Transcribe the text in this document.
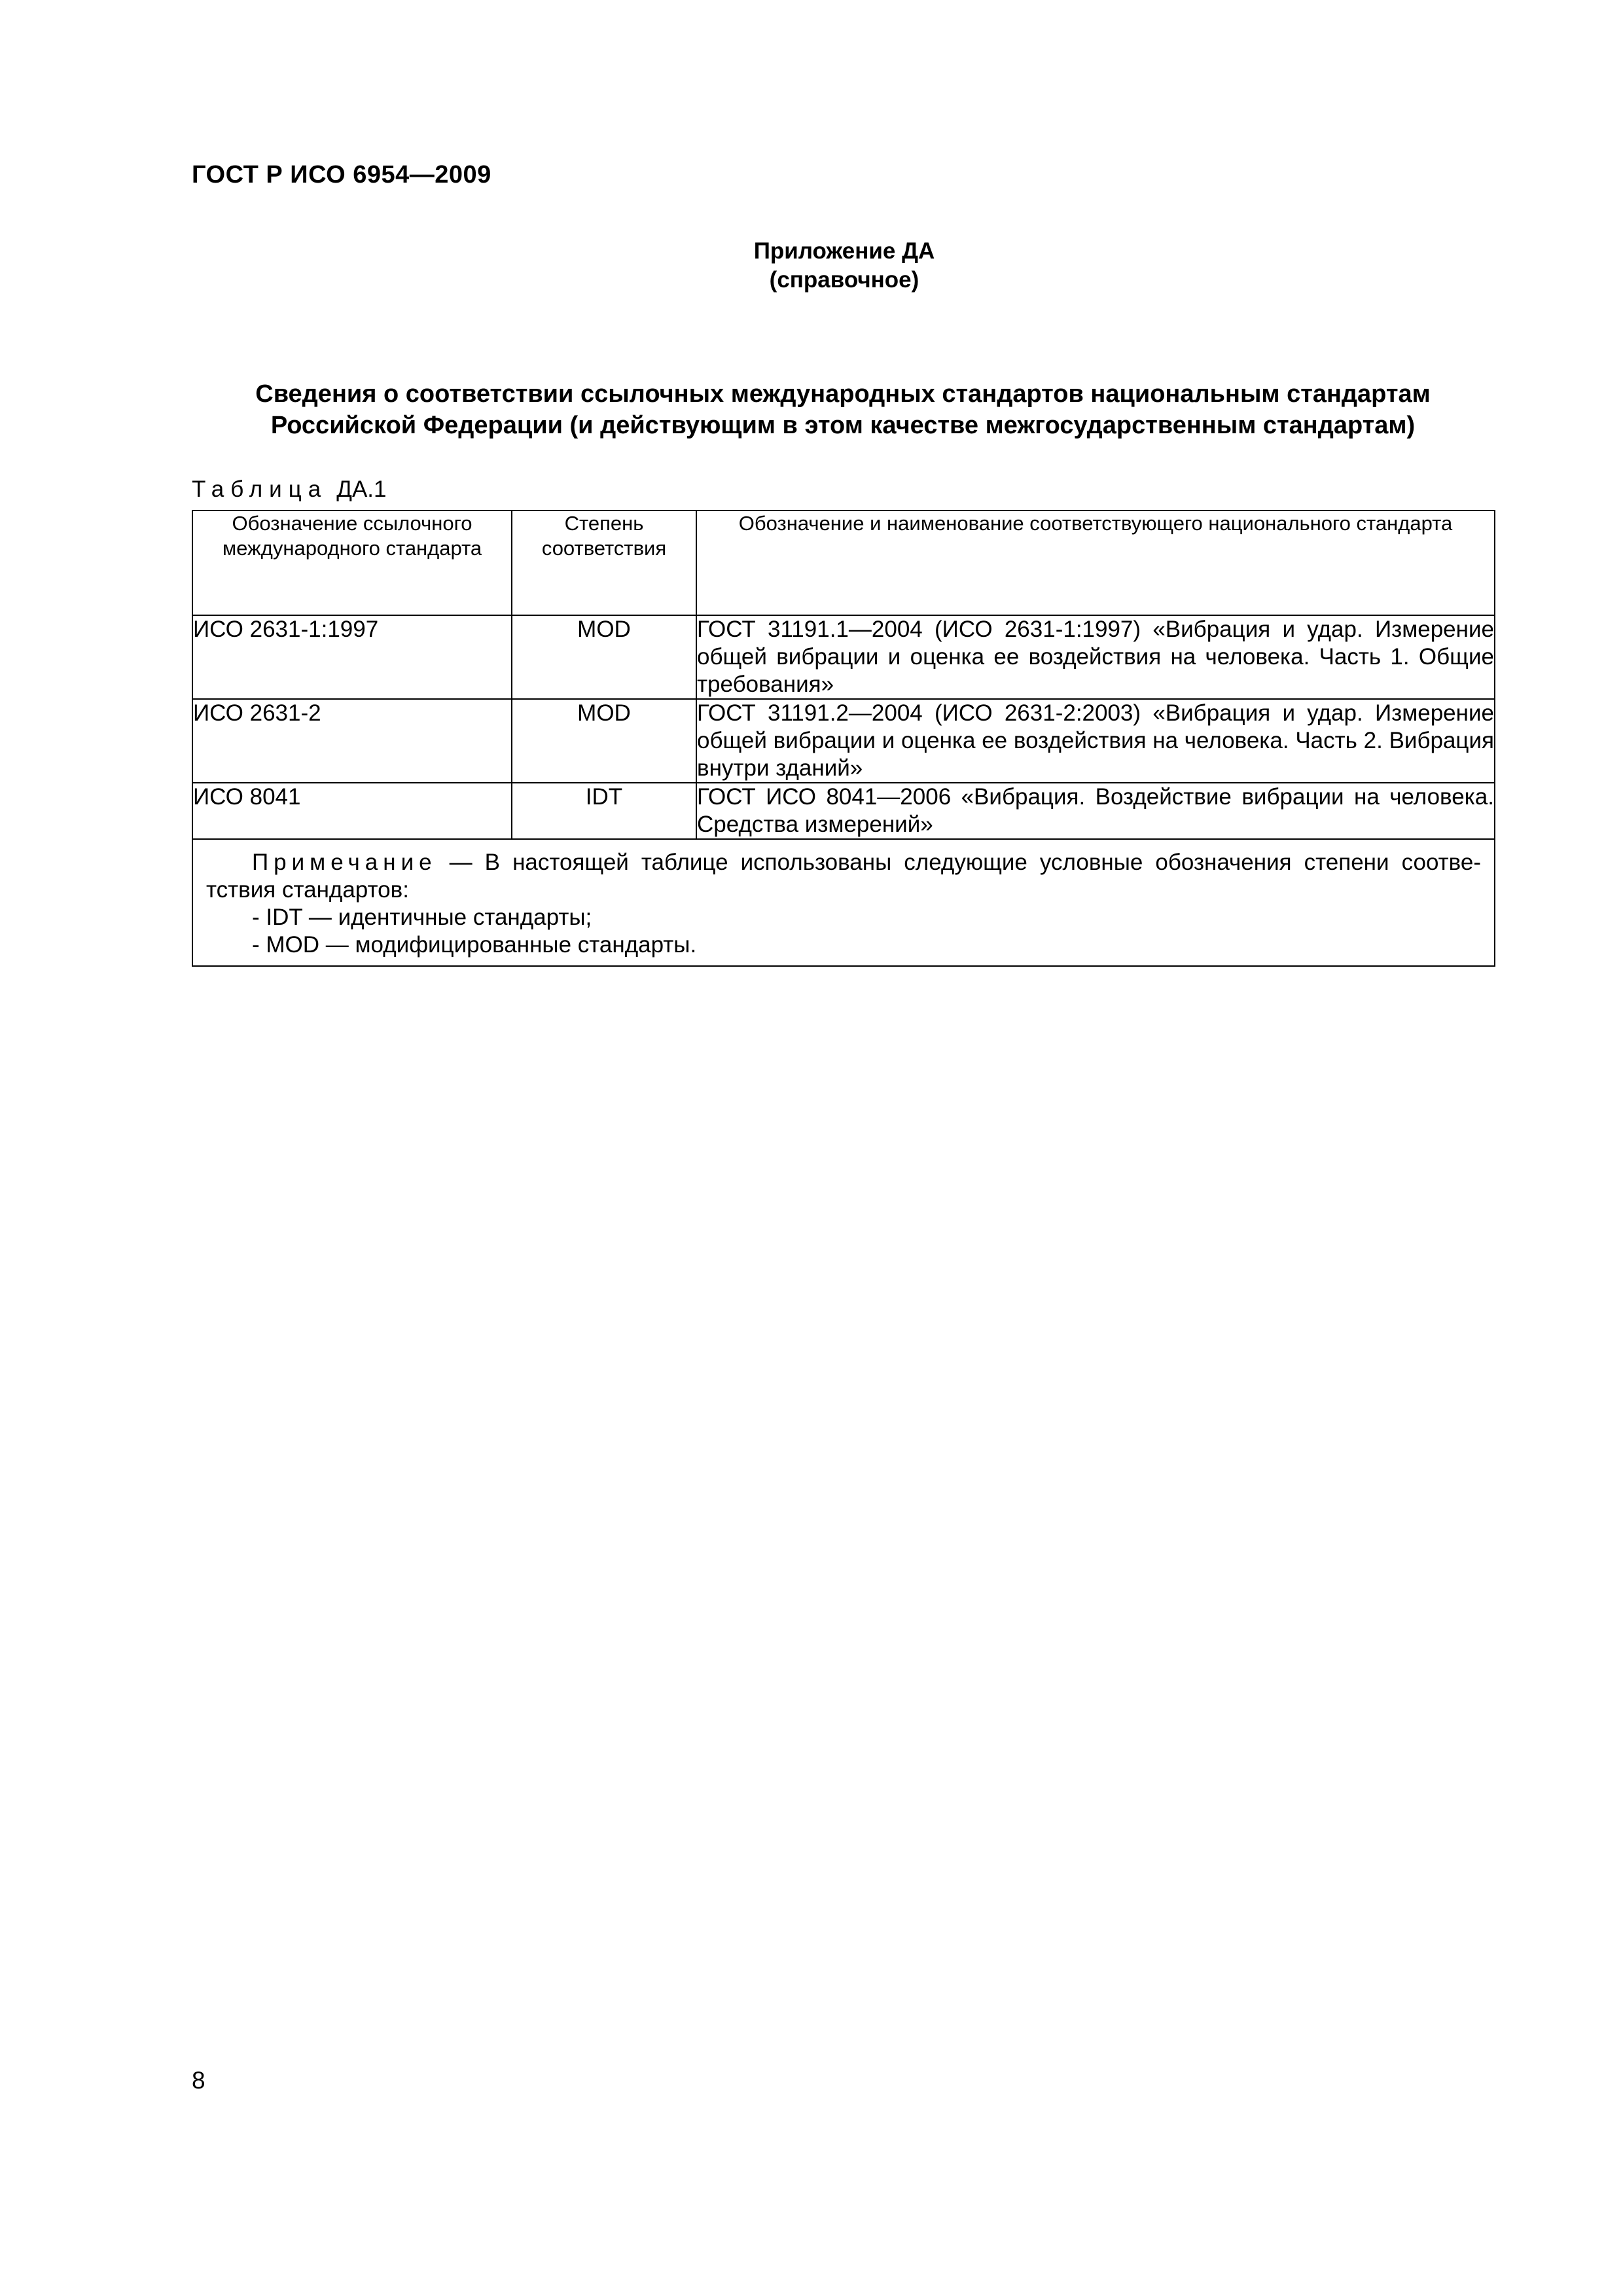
ГОСТ Р ИСО 6954—2009
Приложение ДА
(справочное)
Сведения о соответствии ссылочных международных стандартов национальным стандартам
Российской Федерации (и действующим в этом качестве межгосударственным стандартам)
Таблица ДА.1
Обозначение ссылочного международного стандарта	Степень соответствия	Обозначение и наименование соответствующего национального стандарта
ИСО 2631-1:1997	MOD	ГОСТ 31191.1—2004 (ИСО 2631-1:1997) «Вибрация и удар. Измерение общей вибрации и оценка ее воздействия на человека. Часть 1. Общие требования»
ИСО 2631-2	MOD	ГОСТ 31191.2—2004 (ИСО 2631-2:2003) «Вибрация и удар. Измерение общей вибрации и оценка ее воздействия на человека. Часть 2. Вибрация внутри зданий»
ИСО 8041	IDT	ГОСТ ИСО 8041—2006 «Вибрация. Воздействие вибрации на человека. Средства измерений»
Примечание — В настоящей таблице использованы следующие условные обозначения степени соответствия стандартов:
- IDT — идентичные стандарты;
- MOD — модифицированные стандарты.		
8
